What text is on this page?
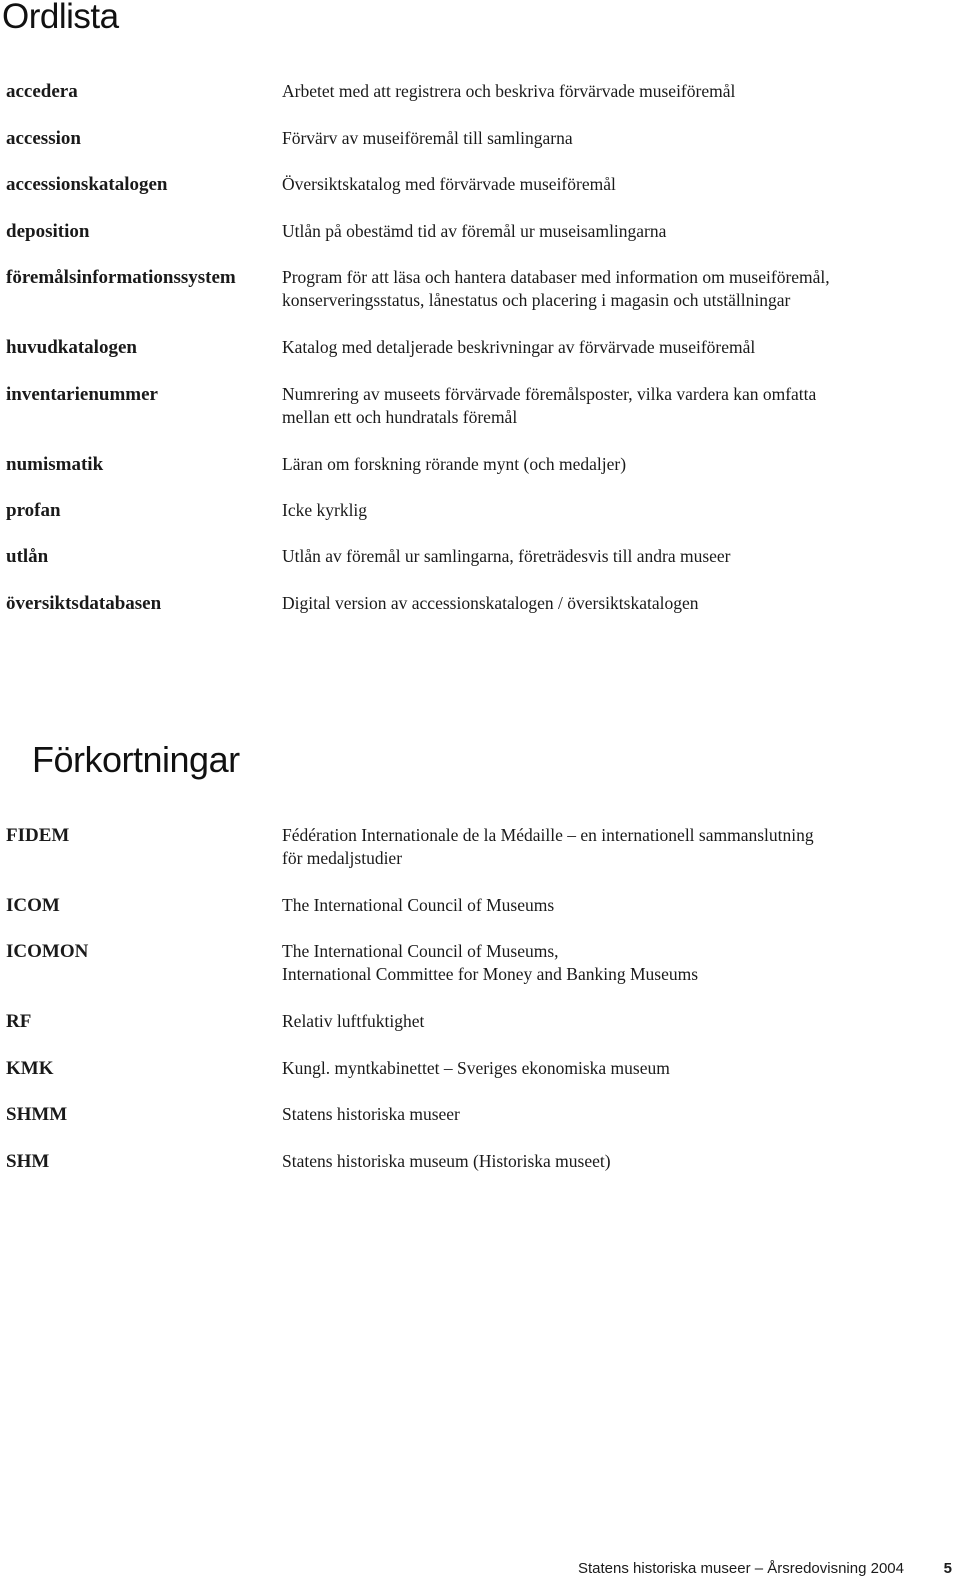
Ordlista
accedera	Arbetet med att registrera och beskriva förvärvade museiföremål
accession	Förvärv av museiföremål till samlingarna
accessionskatalogen	Översiktskatalog med förvärvade museiföremål
deposition	Utlån på obestämd tid av föremål ur museisamlingarna
föremålsinformationssystem	Program för att läsa och hantera databaser med information om museiföremål,
konserveringsstatus, lånestatus och placering i magasin och utställningar
huvudkatalogen	Katalog med detaljerade beskrivningar av förvärvade museiföremål
inventarienummer	Numrering av museets förvärvade föremålsposter, vilka vardera kan omfatta
mellan ett och hundratals föremål
numismatik	Läran om forskning rörande mynt (och medaljer)
profan	Icke kyrklig
utlån	Utlån av föremål ur samlingarna, företrädesvis till andra museer
översiktsdatabasen	Digital version av accessionskatalogen / översiktskatalogen
Förkortningar
FIDEM	Fédération Internationale de la Médaille – en internationell sammanslutning
för medaljstudier
ICOM	The International Council of Museums
ICOMON	The International Council of Museums,
International Committee for Money and Banking Museums
RF	Relativ luftfuktighet
KMK	Kungl. myntkabinettet – Sveriges ekonomiska museum
SHMM	Statens historiska museer
SHM	Statens historiska museum (Historiska museet)
Statens historiska museer – Årsredovisning 2004	5
